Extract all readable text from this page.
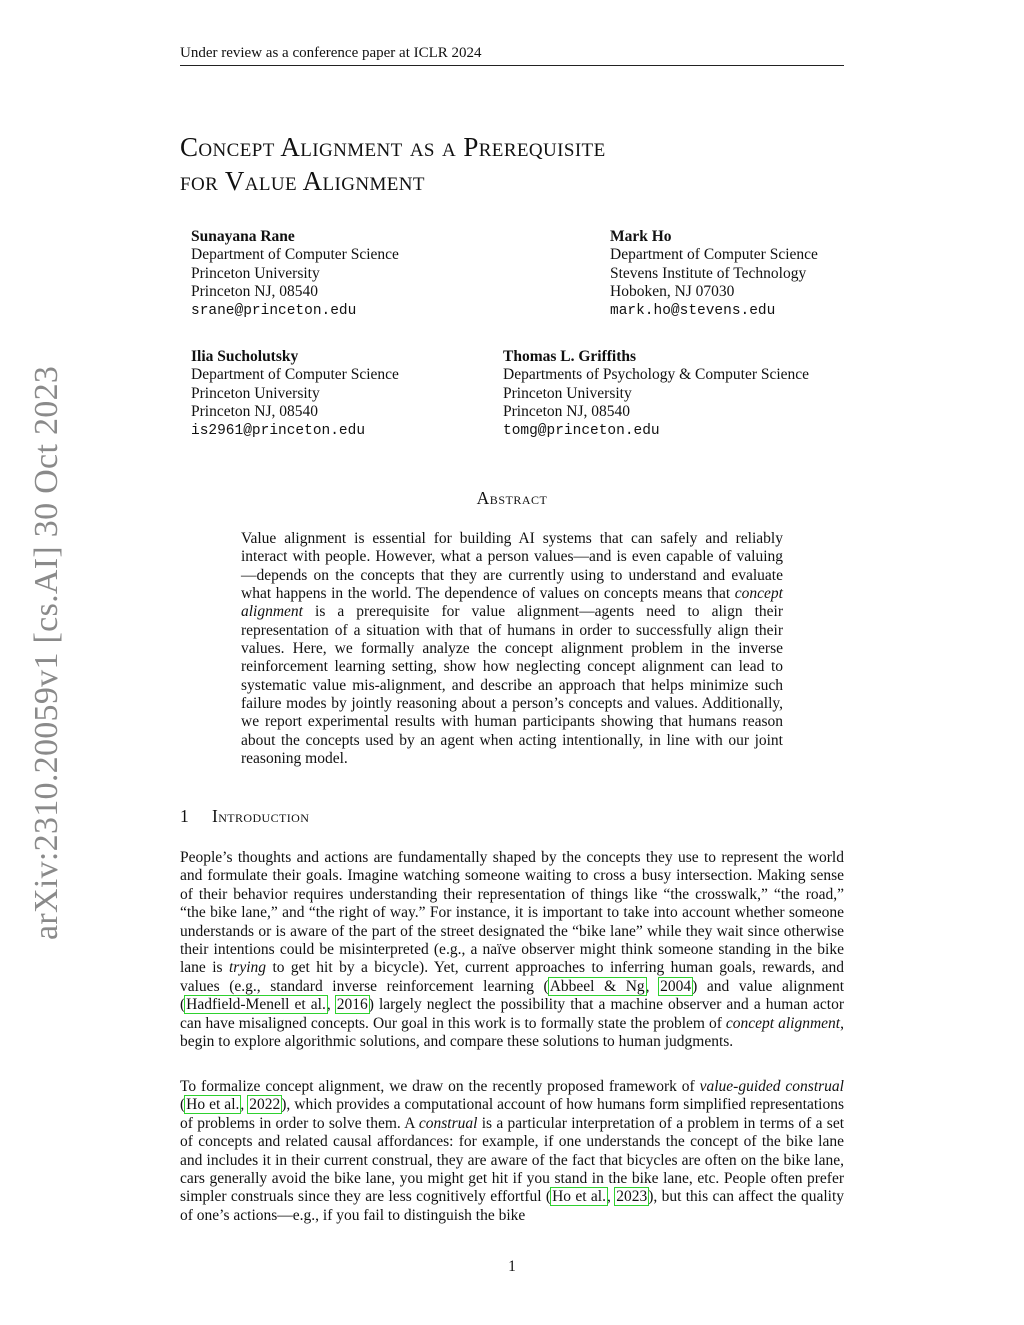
Under review as a conference paper at ICLR 2024
arXiv:2310.20059v1 [cs.AI] 30 Oct 2023
Concept Alignment as a Prerequisite
for Value Alignment
Sunayana Rane
Department of Computer Science
Princeton University
Princeton NJ, 08540
srane@princeton.edu
Mark Ho
Department of Computer Science
Stevens Institute of Technology
Hoboken, NJ 07030
mark.ho@stevens.edu
Ilia Sucholutsky
Department of Computer Science
Princeton University
Princeton NJ, 08540
is2961@princeton.edu
Thomas L. Griffiths
Departments of Psychology & Computer Science
Princeton University
Princeton NJ, 08540
tomg@princeton.edu
Abstract
Value alignment is essential for building AI systems that can safely and reliably interact with people. However, what a person values—and is even capable of valuing—depends on the concepts that they are currently using to understand and evaluate what happens in the world. The dependence of values on concepts means that concept alignment is a prerequisite for value alignment—agents need to align their representation of a situation with that of humans in order to successfully align their values. Here, we formally analyze the concept alignment problem in the inverse reinforcement learning setting, show how neglecting concept alignment can lead to systematic value mis-alignment, and describe an approach that helps minimize such failure modes by jointly reasoning about a person’s concepts and values. Additionally, we report experimental results with human participants showing that humans reason about the concepts used by an agent when acting intentionally, in line with our joint reasoning model.
1 Introduction
People’s thoughts and actions are fundamentally shaped by the concepts they use to represent the world and formulate their goals. Imagine watching someone waiting to cross a busy intersection. Making sense of their behavior requires understanding their representation of things like “the crosswalk,” “the road,” “the bike lane,” and “the right of way.” For instance, it is important to take into account whether someone understands or is aware of the part of the street designated the “bike lane” while they wait since otherwise their intentions could be misinterpreted (e.g., a naïve observer might think someone standing in the bike lane is trying to get hit by a bicycle). Yet, current approaches to inferring human goals, rewards, and values (e.g., standard inverse reinforcement learning (Abbeel & Ng, 2004) and value alignment (Hadfield-Menell et al., 2016) largely neglect the possibility that a machine observer and a human actor can have misaligned concepts. Our goal in this work is to formally state the problem of concept alignment, begin to explore algorithmic solutions, and compare these solutions to human judgments.
To formalize concept alignment, we draw on the recently proposed framework of value-guided construal (Ho et al., 2022), which provides a computational account of how humans form simplified representations of problems in order to solve them. A construal is a particular interpretation of a problem in terms of a set of concepts and related causal affordances: for example, if one understands the concept of the bike lane and includes it in their current construal, they are aware of the fact that bicycles are often on the bike lane, cars generally avoid the bike lane, you might get hit if you stand in the bike lane, etc. People often prefer simpler construals since they are less cognitively effortful (Ho et al., 2023), but this can affect the quality of one’s actions—e.g., if you fail to distinguish the bike
1
